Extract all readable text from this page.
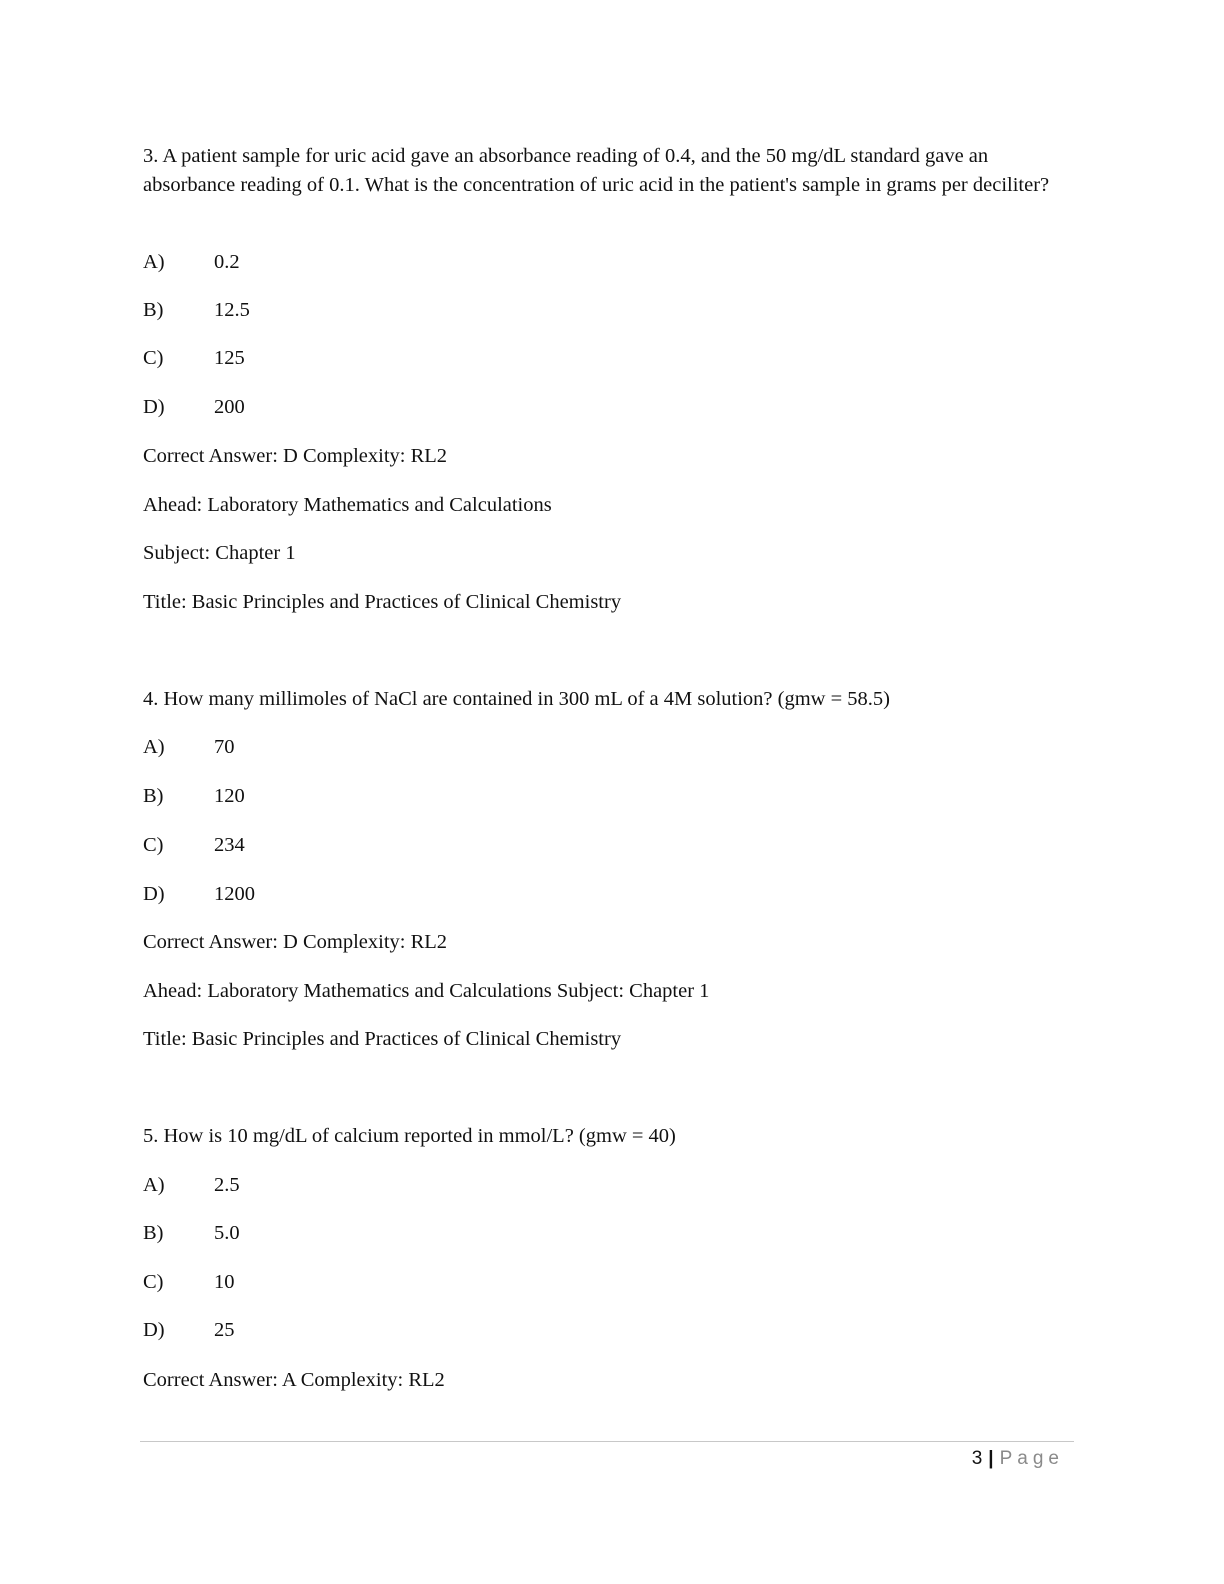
3. A patient sample for uric acid gave an absorbance reading of 0.4, and the 50 mg/dL standard gave an absorbance reading of 0.1. What is the concentration of uric acid in the patient's sample in grams per deciliter?
A) 0.2
B) 12.5
C) 125
D) 200
Correct Answer: D Complexity: RL2
Ahead: Laboratory Mathematics and Calculations
Subject: Chapter 1
Title: Basic Principles and Practices of Clinical Chemistry
4. How many millimoles of NaCl are contained in 300 mL of a 4M solution? (gmw = 58.5)
A) 70
B) 120
C) 234
D) 1200
Correct Answer: D Complexity: RL2
Ahead: Laboratory Mathematics and Calculations Subject: Chapter 1
Title: Basic Principles and Practices of Clinical Chemistry
5. How is 10 mg/dL of calcium reported in mmol/L? (gmw = 40)
A) 2.5
B) 5.0
C) 10
D) 25
Correct Answer: A Complexity: RL2
3 | Page
